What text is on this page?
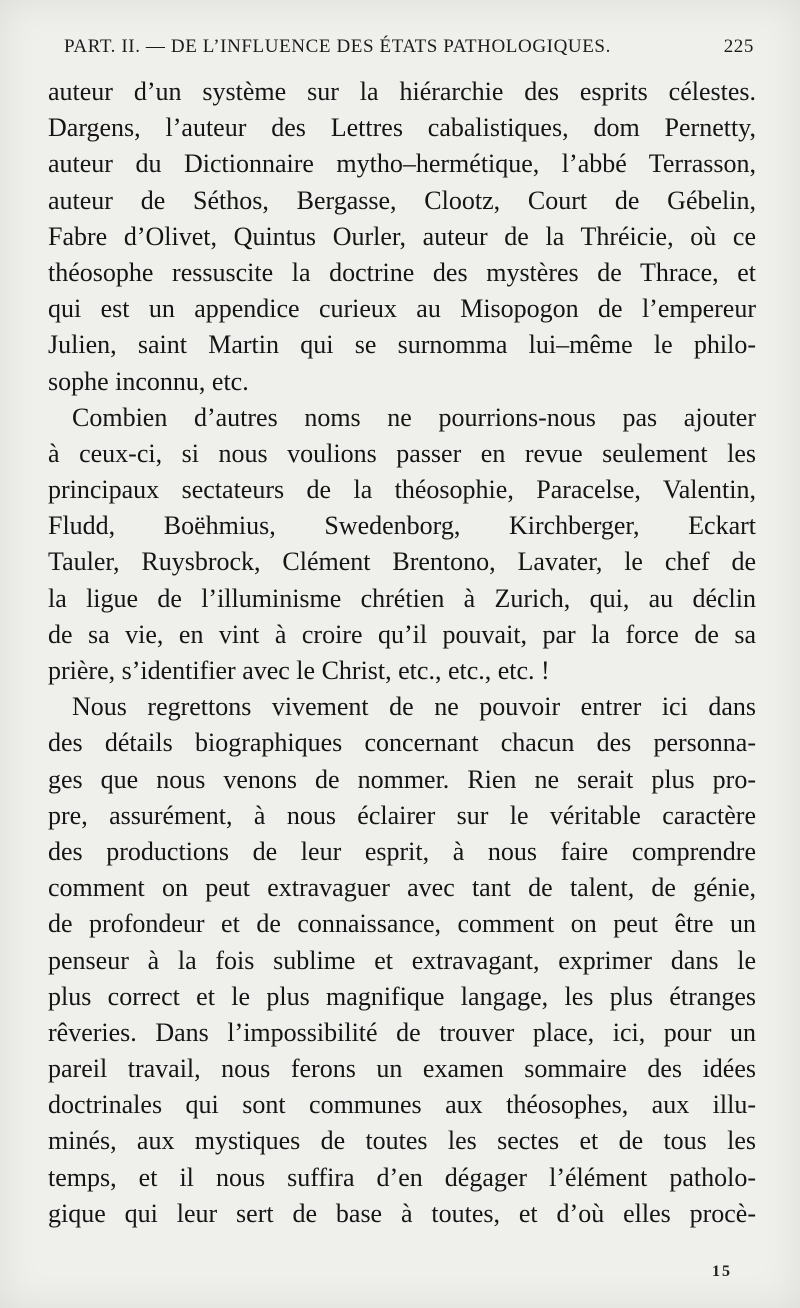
PART. II. — DE L’INFLUENCE DES ÉTATS PATHOLOGIQUES.	225
auteur d’un système sur la hiérarchie des esprits célestes.
Dargens, l’auteur des Lettres cabalistiques, dom Pernetty,
auteur du Dictionnaire mytho–hermétique, l’abbé Terrasson,
auteur de Séthos, Bergasse, Clootz, Court de Gébelin,
Fabre d’Olivet, Quintus Ourler, auteur de la Thréicie, où ce
théosophe ressuscite la doctrine des mystères de Thrace, et
qui est un appendice curieux au Misopogon de l’empereur
Julien, saint Martin qui se surnomma lui–même le philo-
sophe inconnu, etc.
Combien d’autres noms ne pourrions-nous pas ajouter
à ceux-ci, si nous voulions passer en revue seulement les
principaux sectateurs de la théosophie, Paracelse, Valentin,
Fludd, Boëhmius, Swedenborg, Kirchberger, Eckart
Tauler, Ruysbrock, Clément Brentono, Lavater, le chef de
la ligue de l’illuminisme chrétien à Zurich, qui, au déclin
de sa vie, en vint à croire qu’il pouvait, par la force de sa
prière, s’identifier avec le Christ, etc., etc., etc. !
Nous regrettons vivement de ne pouvoir entrer ici dans
des détails biographiques concernant chacun des personna-
ges que nous venons de nommer. Rien ne serait plus pro-
pre, assurément, à nous éclairer sur le véritable caractère
des productions de leur esprit, à nous faire comprendre
comment on peut extravaguer avec tant de talent, de génie,
de profondeur et de connaissance, comment on peut être un
penseur à la fois sublime et extravagant, exprimer dans le
plus correct et le plus magnifique langage, les plus étranges
rêveries. Dans l’impossibilité de trouver place, ici, pour un
pareil travail, nous ferons un examen sommaire des idées
doctrinales qui sont communes aux théosophes, aux illu-
minés, aux mystiques de toutes les sectes et de tous les
temps, et il nous suffira d’en dégager l’élément patholo-
gique qui leur sert de base à toutes, et d’où elles procè-
15
